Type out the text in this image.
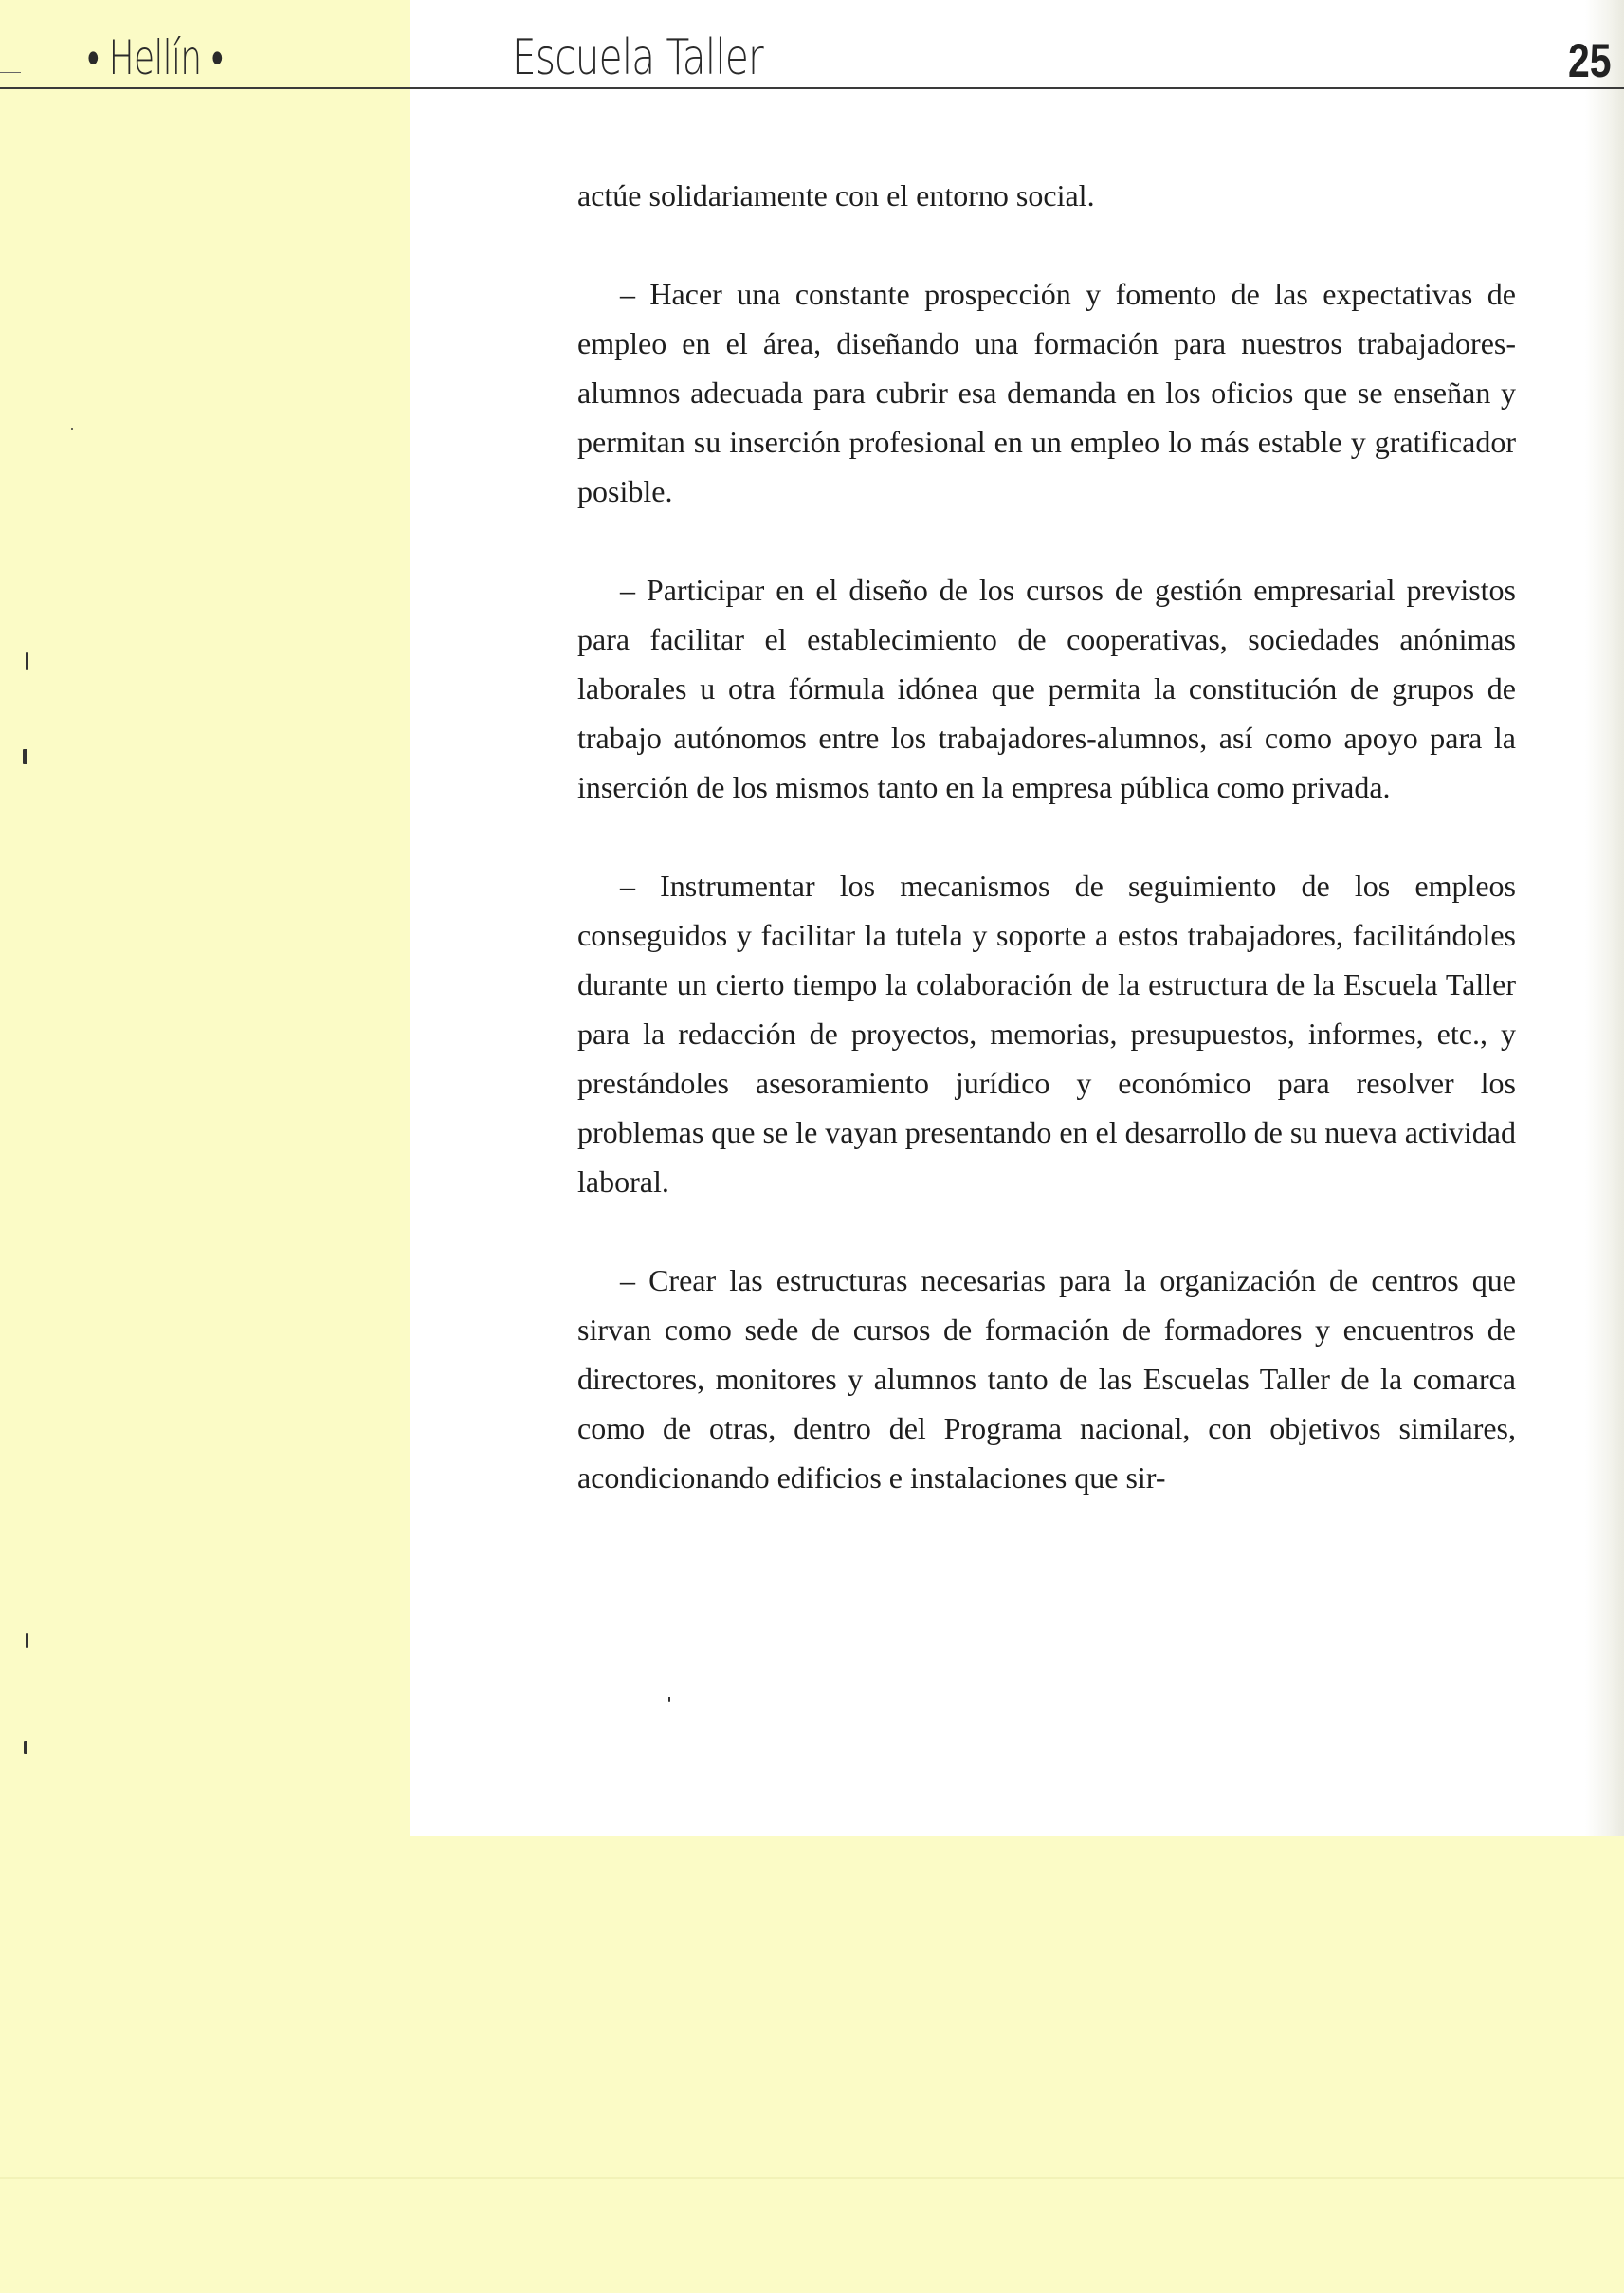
• Hellín •	Escuela Taller	25

actúe solidariamente con el entorno social.

– Hacer una constante prospección y fomento de las expectativas de empleo en el área, diseñando una formación para nuestros trabajadores-alumnos adecuada para cubrir esa demanda en los oficios que se enseñan y permitan su inserción profesional en un empleo lo más estable y gratificador posible.

– Participar en el diseño de los cursos de gestión empresarial previstos para facilitar el establecimiento de cooperativas, sociedades anónimas laborales u otra fórmula idónea que permita la constitución de grupos de trabajo autónomos entre los trabajadores-alumnos, así como apoyo para la inserción de los mismos tanto en la empresa pública como privada.

– Instrumentar los mecanismos de seguimiento de los empleos conseguidos y facilitar la tutela y soporte a estos trabajadores, facilitándoles durante un cierto tiempo la colaboración de la estructura de la Escuela Taller para la redacción de proyectos, memorias, presupuestos, informes, etc., y prestándoles asesoramiento jurídico y económico para resolver los problemas que se le vayan presentando en el desarrollo de su nueva actividad laboral.

– Crear las estructuras necesarias para la organización de centros que sirvan como sede de cursos de formación de formadores y encuentros de directores, monitores y alumnos tanto de las Escuelas Taller de la comarca como de otras, dentro del Programa nacional, con objetivos similares, acondicionando edificios e instalaciones que sir-
